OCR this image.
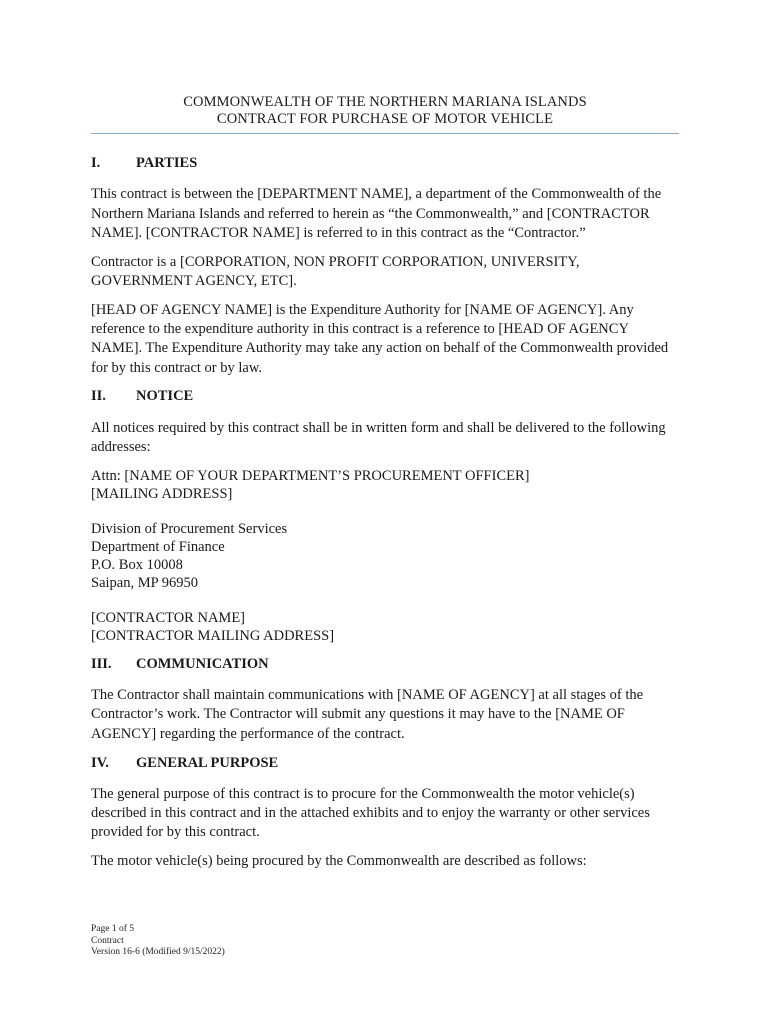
COMMONWEALTH OF THE NORTHERN MARIANA ISLANDS
CONTRACT FOR PURCHASE OF MOTOR VEHICLE
I.	PARTIES

This contract is between the [DEPARTMENT NAME], a department of the Commonwealth of the Northern Mariana Islands and referred to herein as “the Commonwealth,” and [CONTRACTOR NAME]. [CONTRACTOR NAME] is referred to in this contract as the “Contractor.”

Contractor is a [CORPORATION, NON PROFIT CORPORATION, UNIVERSITY, GOVERNMENT AGENCY, ETC].

[HEAD OF AGENCY NAME] is the Expenditure Authority for [NAME OF AGENCY]. Any reference to the expenditure authority in this contract is a reference to [HEAD OF AGENCY NAME]. The Expenditure Authority may take any action on behalf of the Commonwealth provided for by this contract or by law.

II.	NOTICE

All notices required by this contract shall be in written form and shall be delivered to the following addresses:

Attn: [NAME OF YOUR DEPARTMENT’S PROCUREMENT OFFICER]
[MAILING ADDRESS]
Division of Procurement Services
Department of Finance
P.O. Box 10008
Saipan, MP 96950
[CONTRACTOR NAME]
[CONTRACTOR MAILING ADDRESS]
III.	COMMUNICATION

The Contractor shall maintain communications with [NAME OF AGENCY] at all stages of the Contractor’s work. The Contractor will submit any questions it may have to the [NAME OF AGENCY] regarding the performance of the contract.

IV.	GENERAL PURPOSE

The general purpose of this contract is to procure for the Commonwealth the motor vehicle(s) described in this contract and in the attached exhibits and to enjoy the warranty or other services provided for by this contract.

The motor vehicle(s) being procured by the Commonwealth are described as follows:

Page 1 of 5
Contract
Version 16-6 (Modified 9/15/2022)
